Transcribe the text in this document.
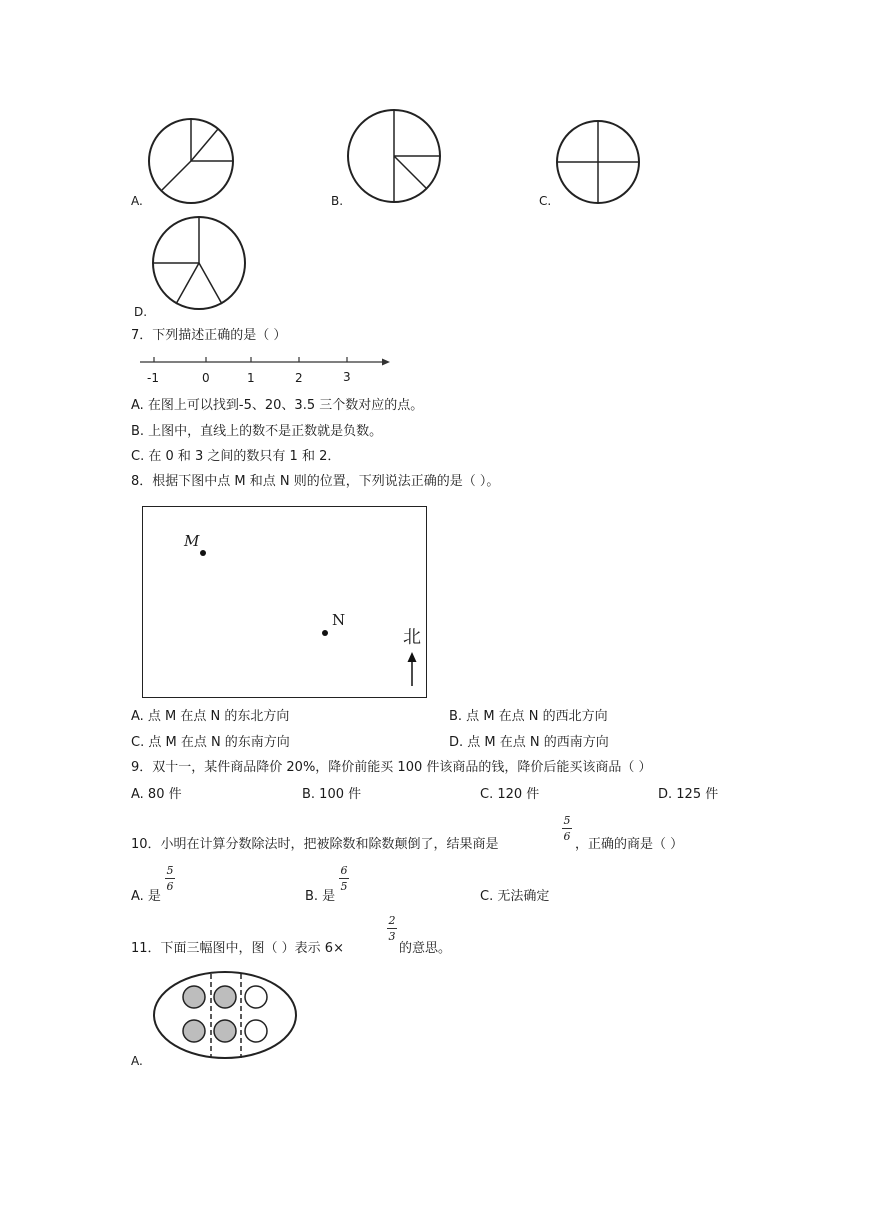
A.	B.	C.
D.
7．下列描述正确的是（ ）
-1	0	1	2	3
A. 在图上可以找到-5、20、3.5 三个数对应的点。
B. 上图中，直线上的数不是正数就是负数。
C. 在 0 和 3 之间的数只有 1 和 2．
8．根据下图中点 M 和点 N 则的位置，下列说法正确的是（ ）。
M
N
北
A. 点 M 在点 N 的东北方向	B. 点 M 在点 N 的西北方向
C. 点 M 在点 N 的东南方向	D. 点 M 在点 N 的西南方向
9．双十一，某件商品降价 20%，降价前能买 100 件该商品的钱，降价后能买该商品（ ）
A. 80 件	B. 100 件	C. 120 件	D. 125 件
10．小明在计算分数除法时，把被除数和除数颠倒了，结果商是
5
6
，正确的商是（ ）
A. 是
5
6
B. 是
6
5
C. 无法确定
11．下面三幅图中，图（ ）表示 6×
2
3
的意思。
A.
